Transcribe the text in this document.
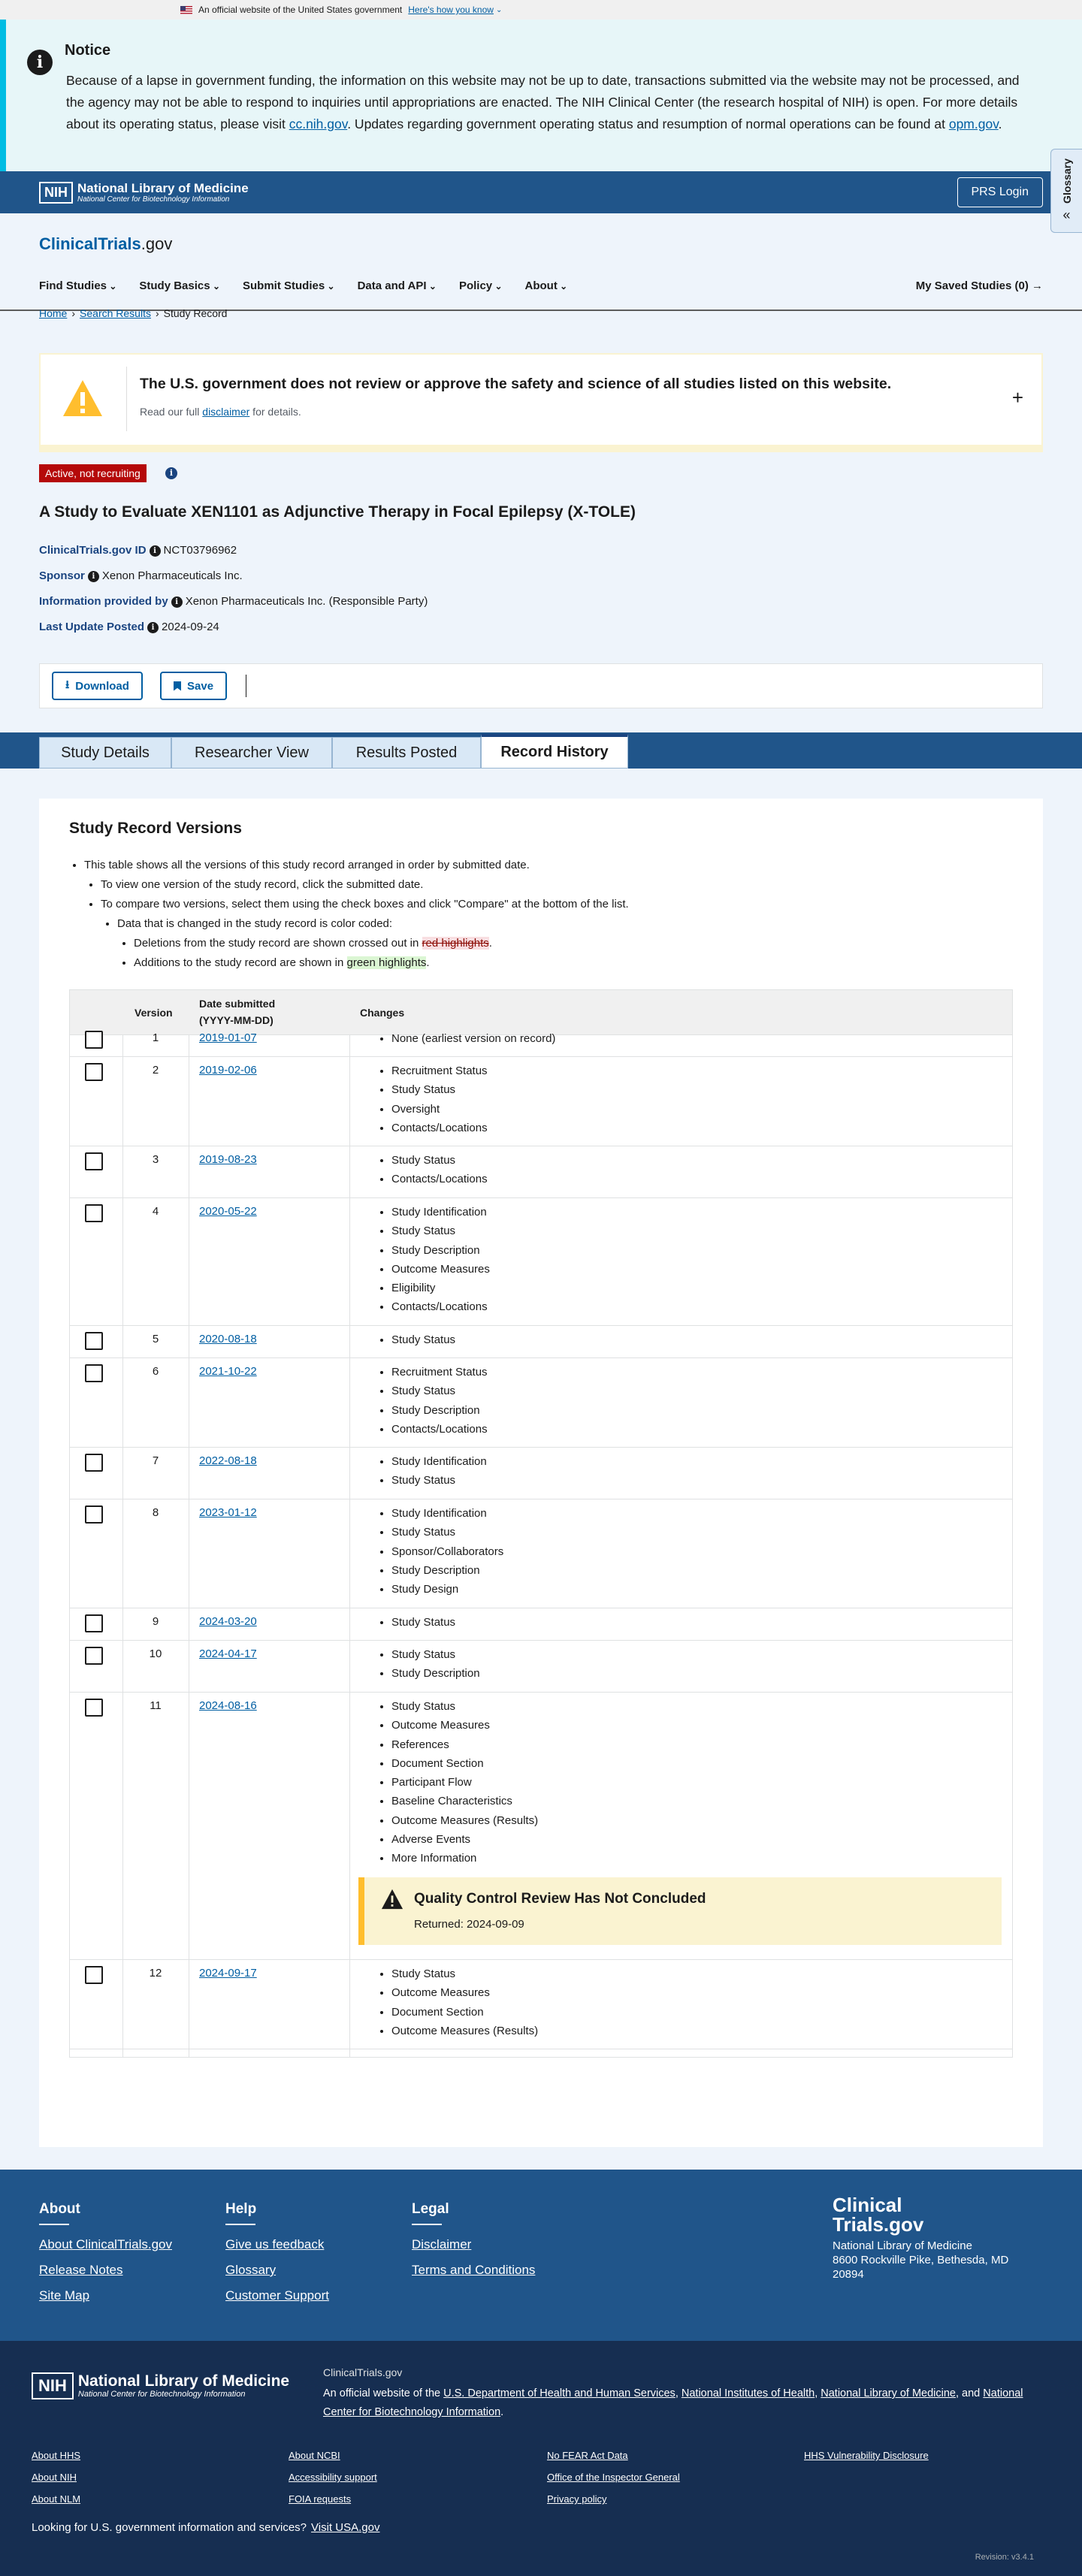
An official website of the United States government Here's how you know ⌄
i
Notice

Because of a lapse in government funding, the information on this website may not be up to date, transactions submitted via the website may not be processed, and the agency may not be able to respond to inquiries until appropriations are enacted. The NIH Clinical Center (the research hospital of NIH) is open. For more details about its operating status, please visit cc.nih.gov. Updates regarding government operating status and resumption of normal operations can be found at opm.gov.

NIH National Library of Medicine
National Center for Biotechnology Information
PRS Login	Glossary
«
ClinicalTrials.gov
Find Studies ⌄	Study Basics ⌄	Submit Studies ⌄	Data and API ⌄	Policy ⌄	About ⌄	My Saved Studies (0) →
Home › Search Results › Study Record
The U.S. government does not review or approve the safety and science of all studies listed on this website.
Read our full disclaimer for details.
+
Active, not recruiting	i
A Study to Evaluate XEN1101 as Adjunctive Therapy in Focal Epilepsy (X-TOLE)
ClinicalTrials.gov ID i NCT03796962
Sponsor i Xenon Pharmaceuticals Inc.
Information provided by i Xenon Pharmaceuticals Inc. (Responsible Party)
Last Update Posted i 2024-09-24
⭳ Download	Save
Study Details	Researcher View	Results Posted	Record History
Study Record Versions
• This table shows all the versions of this study record arranged in order by submitted date.
• To view one version of the study record, click the submitted date.
• To compare two versions, select them using the check boxes and click "Compare" at the bottom of the list.
• Data that is changed in the study record is color coded:
• Deletions from the study record are shown crossed out in red highlights.
• Additions to the study record are shown in green highlights.
Version
Date submitted
(YYYY-MM-DD)
Changes
1	2019-01-07	• None (earliest version on record)
2	2019-02-06	• Recruitment Status
• Study Status
• Oversight
• Contacts/Locations
3	2019-08-23	• Study Status
• Contacts/Locations
4	2020-05-22	• Study Identification
• Study Status
• Study Description
• Outcome Measures
• Eligibility
• Contacts/Locations
5	2020-08-18	• Study Status
6	2021-10-22	• Recruitment Status
• Study Status
• Study Description
• Contacts/Locations
7	2022-08-18	• Study Identification
• Study Status
8	2023-01-12	• Study Identification
• Study Status
• Sponsor/Collaborators
• Study Description
• Study Design
9	2024-03-20	• Study Status
10	2024-04-17	• Study Status
• Study Description
11	2024-08-16	• Study Status
• Outcome Measures
• References
• Document Section
• Participant Flow
• Baseline Characteristics
• Outcome Measures (Results)
• Adverse Events
• More Information
Quality Control Review Has Not Concluded
Returned: 2024-09-09
12	2024-09-17	• Study Status
• Outcome Measures
• Document Section
• Outcome Measures (Results)
About
About ClinicalTrials.gov
Release Notes
Site Map
Help
Give us feedback
Glossary
Customer Support
Legal
Disclaimer
Terms and Conditions
Clinical
Trials.gov
National Library of Medicine
8600 Rockville Pike, Bethesda, MD
20894
NIH National Library of Medicine
National Center for Biotechnology Information
ClinicalTrials.gov
An official website of the U.S. Department of Health and Human Services, National Institutes of Health, National Library of Medicine, and National Center for Biotechnology Information.
About HHS
About NIH
About NLM
About NCBI
Accessibility support
FOIA requests
No FEAR Act Data
Office of the Inspector General
Privacy policy
HHS Vulnerability Disclosure
Looking for U.S. government information and services? Visit USA.gov
Revision: v3.4.1
